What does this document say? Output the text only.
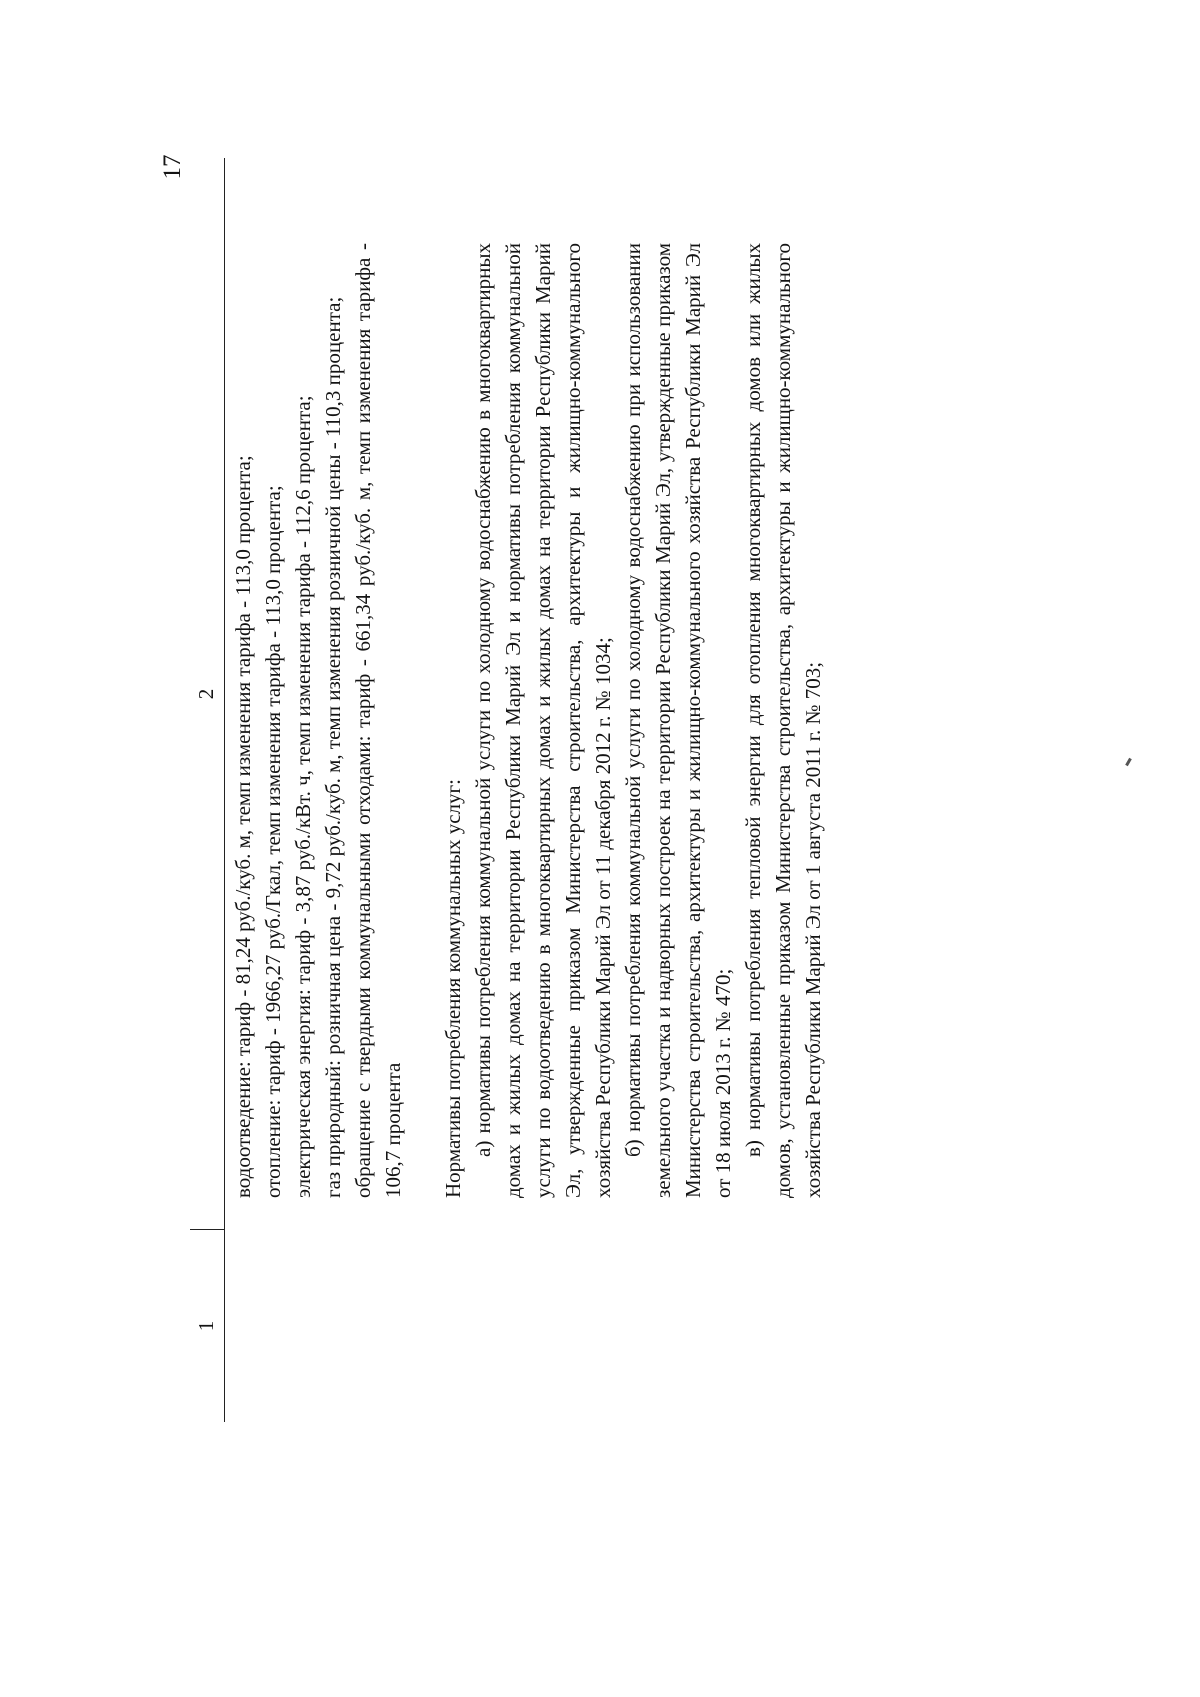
17
1
2 водоотведение: тариф - 81,24 руб./куб. м, темп изменения тарифа - 113,0 процента; отопление: тариф - 1966,27 руб./Гкал, темп изменения тарифа - 113,0 процента; электрическая энергия: тариф - 3,87 руб./кВт. ч, темп изменения тарифа - 112,6 процента; газ природный: розничная цена - 9,72 руб./куб. м, темп изменения розничной цены - 110,3 процента; обращение с твердыми коммунальными отходами: тариф - 661,34 руб./куб. м, темп изменения тарифа - 106,7 процента Нормативы потребления коммунальных услуг: а) нормативы потребления коммунальной услуги по холодному водоснабжению в многоквартирных домах и жилых домах на территории Республики Марий Эл и нормативы потребления коммунальной услуги по водоотведению в многоквартирных домах и жилых домах на территории Республики Марий Эл, утвержденные приказом Министерства строительства, архитектуры и жилищно-коммунального хозяйства Республики Марий Эл от 11 декабря 2012 г. № 1034; б) нормативы потребления коммунальной услуги по холодному водоснабжению при использовании земельного участка и надворных построек на территории Республики Марий Эл, утвержденные приказом Министерства строительства, архитектуры и жилищно-коммунального хозяйства Республики Марий Эл от 18 июля 2013 г. № 470; в) нормативы потребления тепловой энергии для отопления многоквартирных домов или жилых домов, установленные приказом Министерства строительства, архитектуры и жилищно-коммунального хозяйства Республики Марий Эл от 1 августа 2011 г. № 703;
